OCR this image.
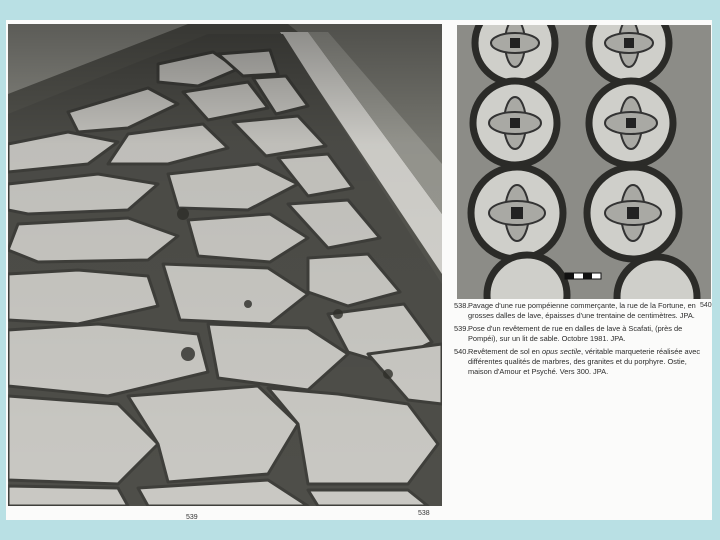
539
538
540

538.Pavage d'une rue pompéienne commerçante, la rue de la Fortune, en grosses dalles de lave, épaisses d'une trentaine de centimètres. JPA.

539.Pose d'un revêtement de rue en dalles de lave à Scafati, (près de Pompéi), sur un lit de sable. Octobre 1981. JPA.

540.Revêtement de sol en opus sectile, véritable marqueterie réalisée avec différentes qualités de marbres, des granites et du porphyre. Ostie, maison d'Amour et Psyché. Vers 300. JPA.
